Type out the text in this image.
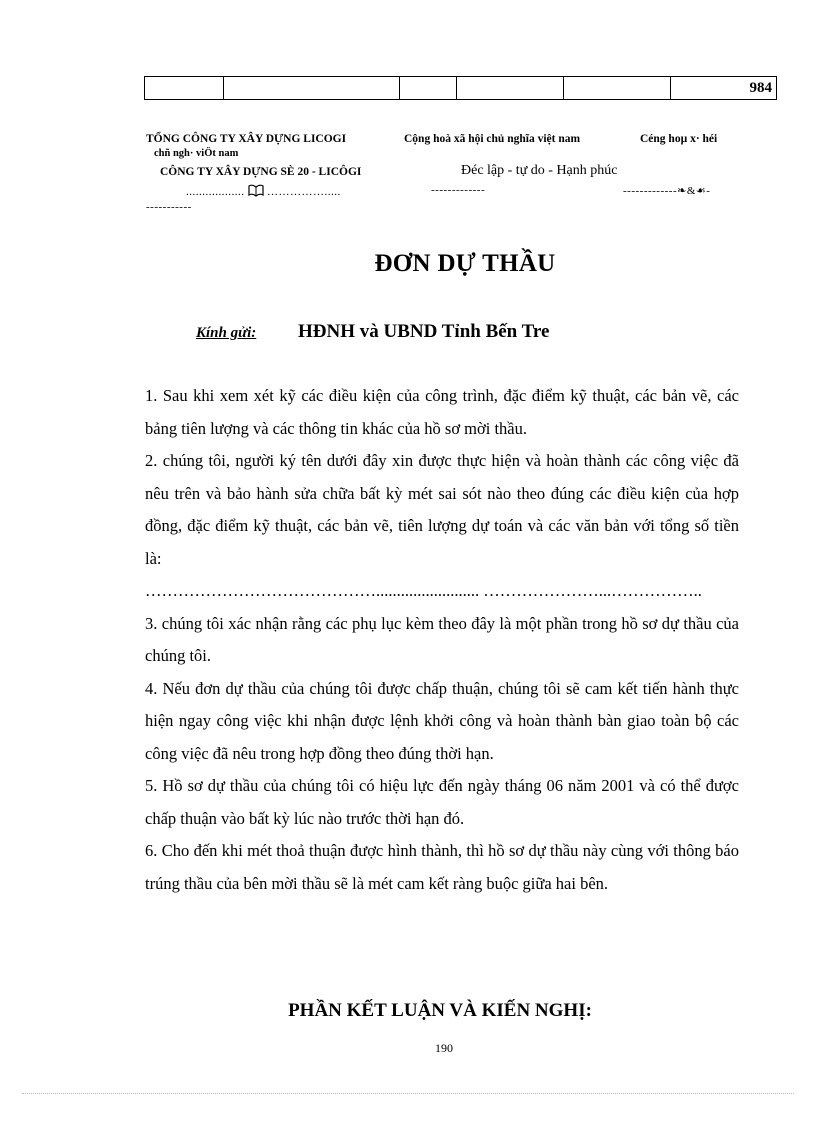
					984
TỔNG CÔNG TY XÂY DỰNG LICOGI	Cộng hoà xã hội chủ nghĩa việt nam	Céng hoµ x· héi
chñ ngh· viÖt nam
CÔNG TY XÂY DỰNG SÈ 20 - LICÔGI	Đéc lập - tự do - Hạnh phúc
.................. …………….....	-------------	-------------❧&☙-
-----------
ĐƠN DỰ THẦU
Kính gửi: HĐNH và UBND Tỉnh Bến Tre

1. Sau khi xem xét kỹ các điều kiện của công trình, đặc điểm kỹ thuật, các bản vẽ, các bảng tiên lượng và các thông tin khác của hồ sơ mời thầu.

2. chúng tôi, người ký tên dưới đây xin được thực hiện và hoàn thành các công việc đã nêu trên và bảo hành sửa chữa bất kỳ mét sai sót nào theo đúng các điều kiện của hợp đồng, đặc điểm kỹ thuật, các bản vẽ, tiên lượng dự toán và các văn bản với tổng số tiền là:

……………………………………......................... …………………...……………..

3. chúng tôi xác nhận rằng các phụ lục kèm theo đây là một phần trong hồ sơ dự thầu của chúng tôi.

4. Nếu đơn dự thầu của chúng tôi được chấp thuận, chúng tôi sẽ cam kết tiến hành thực hiện ngay công việc khi nhận được lệnh khởi công và hoàn thành bàn giao toàn bộ các công việc đã nêu trong hợp đồng theo đúng thời hạn.

5. Hồ sơ dự thầu của chúng tôi có hiệu lực đến ngày tháng 06 năm 2001 và có thể được chấp thuận vào bất kỳ lúc nào trước thời hạn đó.

6. Cho đến khi mét thoả thuận được hình thành, thì hồ sơ dự thầu này cùng với thông báo trúng thầu của bên mời thầu sẽ là mét cam kết ràng buộc giữa hai bên.

PHẦN KẾT LUẬN VÀ KIẾN NGHỊ:
190
